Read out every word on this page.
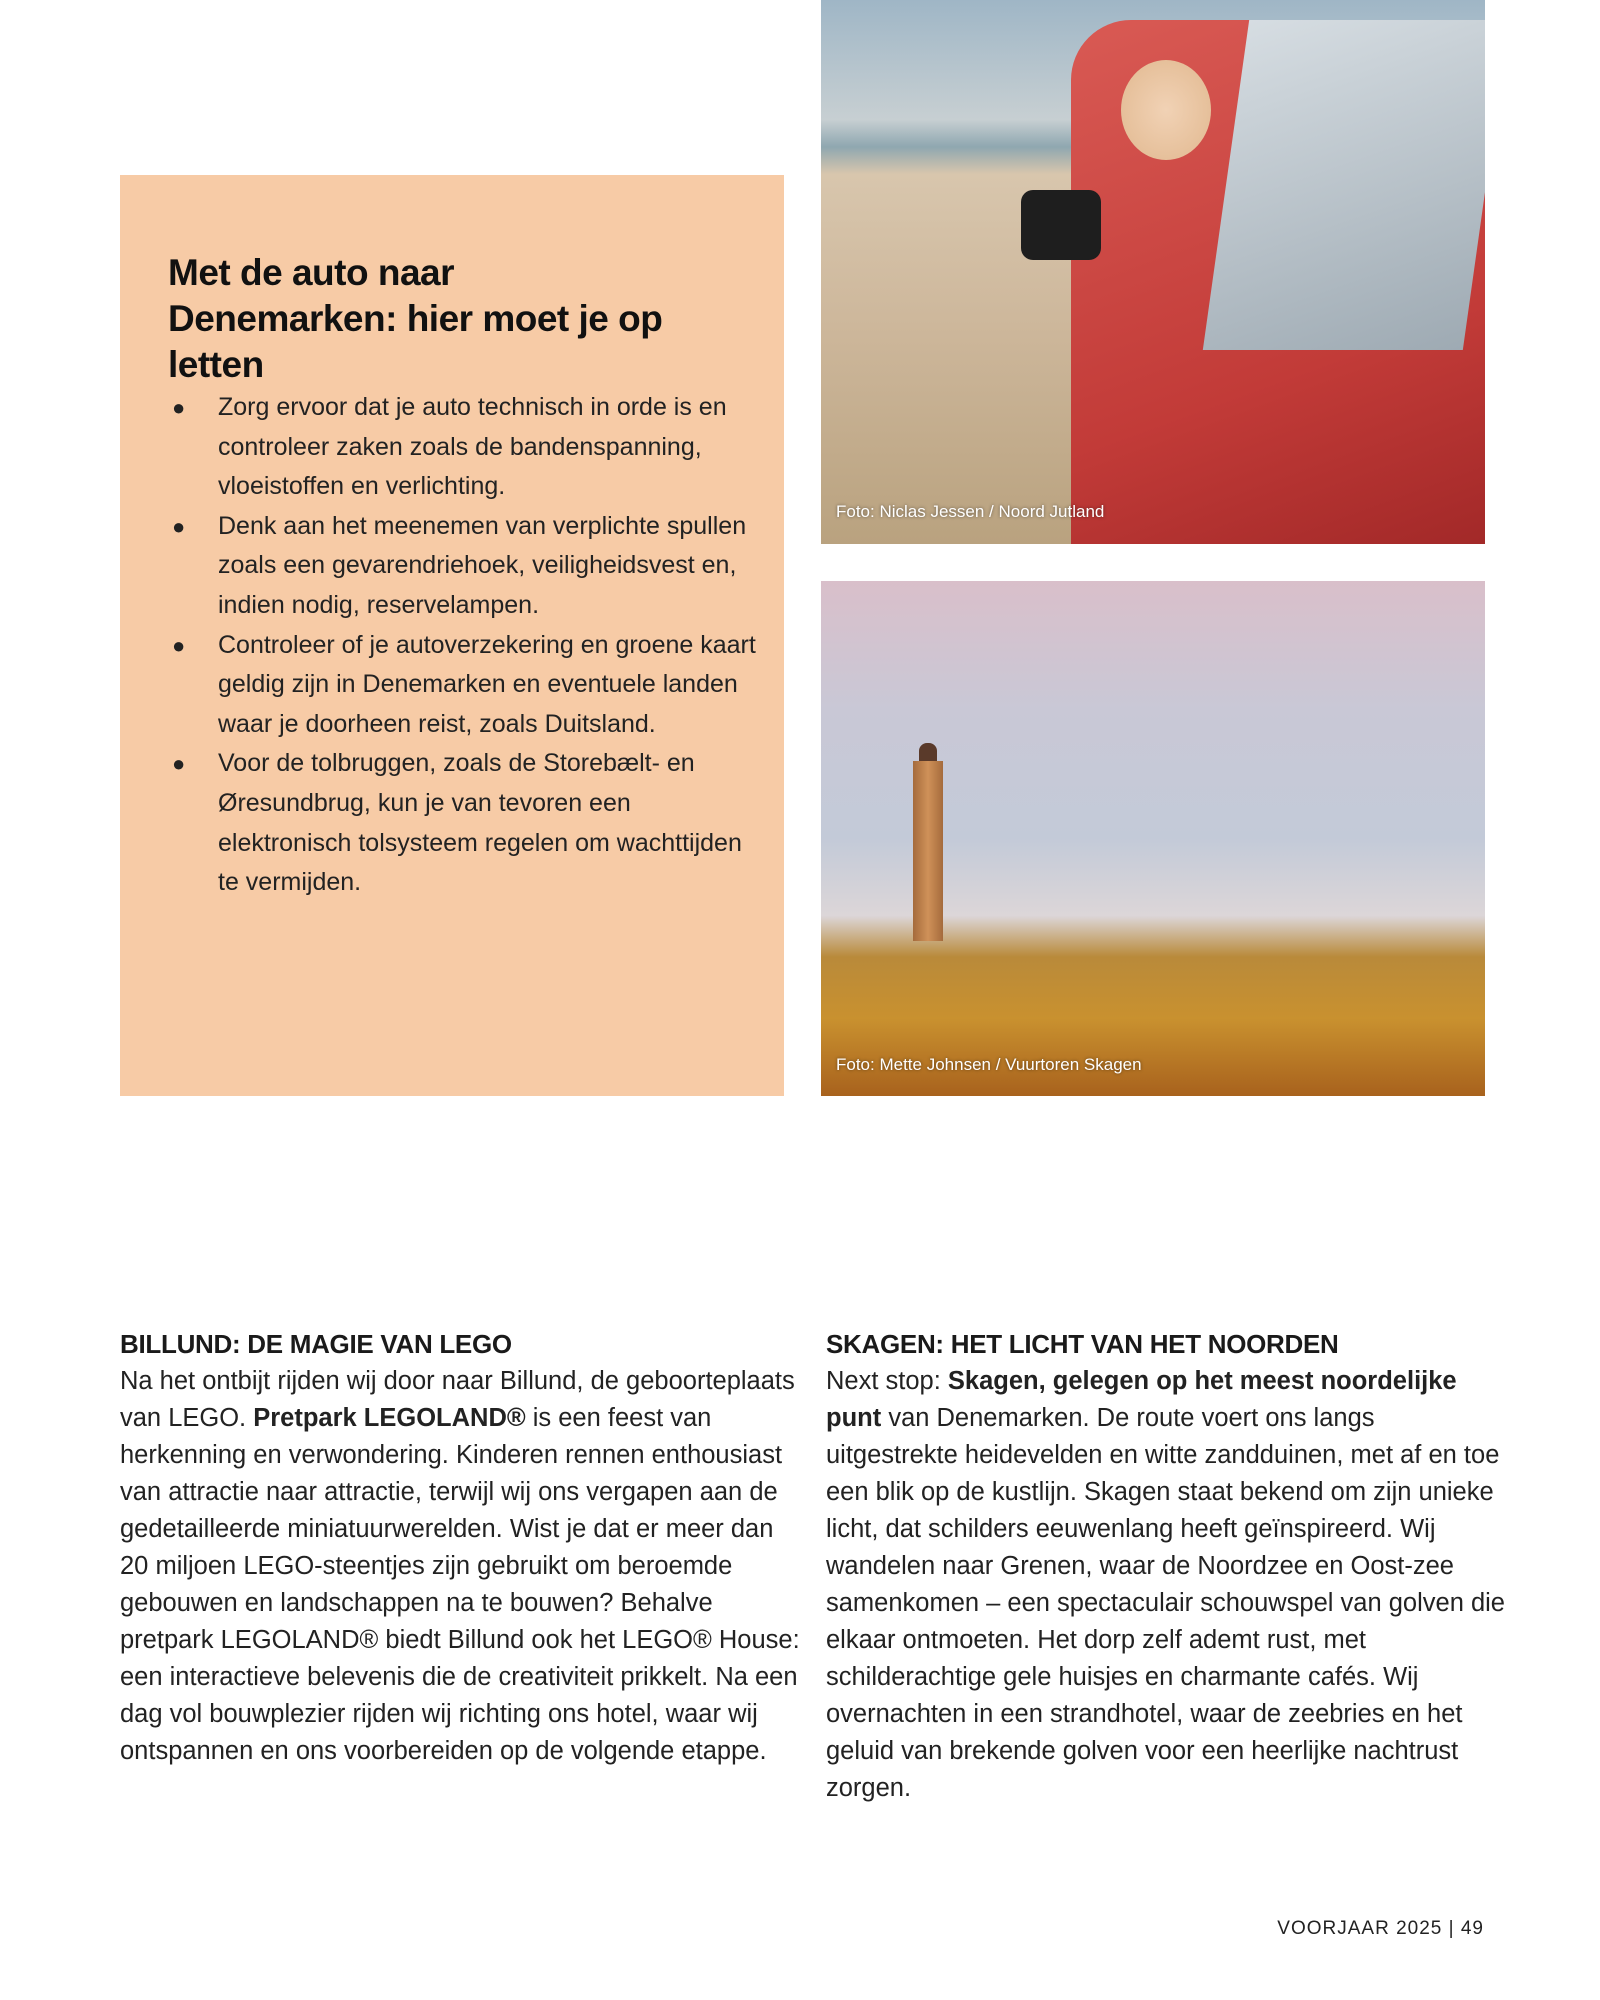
Met de auto naar Denemarken: hier moet je op letten
● Zorg ervoor dat je auto technisch in orde is en controleer zaken zoals de bandenspanning, vloeistoffen en verlichting.
● Denk aan het meenemen van verplichte spullen zoals een gevarendriehoek, veiligheidsvest en, indien nodig, reservelampen.
● Controleer of je autoverzekering en groene kaart geldig zijn in Denemarken en eventuele landen waar je doorheen reist, zoals Duitsland.
● Voor de tolbruggen, zoals de Storebælt- en Øresundbrug, kun je van tevoren een elektronisch tolsysteem regelen om wachttijden te vermijden.
Foto: Niclas Jessen / Noord Jutland
Foto: Mette Johnsen / Vuurtoren Skagen
BILLUND: DE MAGIE VAN LEGO

Na het ontbijt rijden wij door naar Billund, de geboorteplaats van LEGO. Pretpark LEGOLAND® is een feest van herkenning en verwondering. Kinderen rennen enthousiast van attractie naar attractie, terwijl wij ons vergapen aan de gedetailleerde miniatuurwerelden. Wist je dat er meer dan 20 miljoen LEGO-steentjes zijn gebruikt om beroemde gebouwen en landschappen na te bouwen? Behalve pretpark LEGOLAND® biedt Billund ook het LEGO® House: een interactieve belevenis die de creativiteit prikkelt. Na een dag vol bouwplezier rijden wij richting ons hotel, waar wij ontspannen en ons voorbereiden op de volgende etappe.

SKAGEN: HET LICHT VAN HET NOORDEN

Next stop: Skagen, gelegen op het meest noordelijke punt van Denemarken. De route voert ons langs uitgestrekte heidevelden en witte zandduinen, met af en toe een blik op de kustlijn. Skagen staat bekend om zijn unieke licht, dat schilders eeuwenlang heeft geïnspireerd. Wij wandelen naar Grenen, waar de Noordzee en Oost-zee samenkomen – een spectaculair schouwspel van golven die elkaar ontmoeten. Het dorp zelf ademt rust, met schilderachtige gele huisjes en charmante cafés. Wij overnachten in een strandhotel, waar de zeebries en het geluid van brekende golven voor een heerlijke nachtrust zorgen.

VOORJAAR 2025 | 49
